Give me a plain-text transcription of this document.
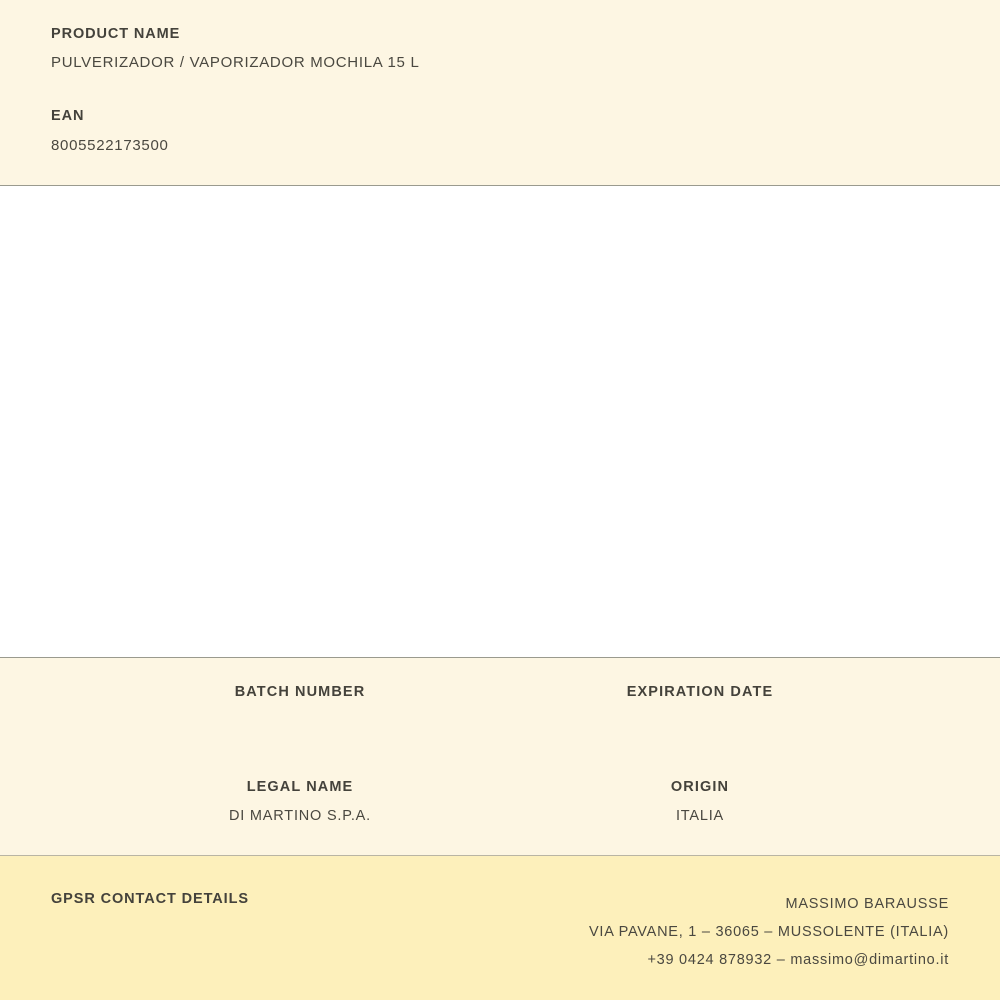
PRODUCT NAME
PULVERIZADOR / VAPORIZADOR MOCHILA 15 L
EAN
8005522173500
BATCH NUMBER	EXPIRATION DATE
LEGAL NAME
DI MARTINO S.P.A.
ORIGIN
ITALIA
GPSR CONTACT DETAILS	MASSIMO BARAUSSE
VIA PAVANE, 1 – 36065 – MUSSOLENTE (ITALIA)
+39 0424 878932 – massimo@dimartino.it
